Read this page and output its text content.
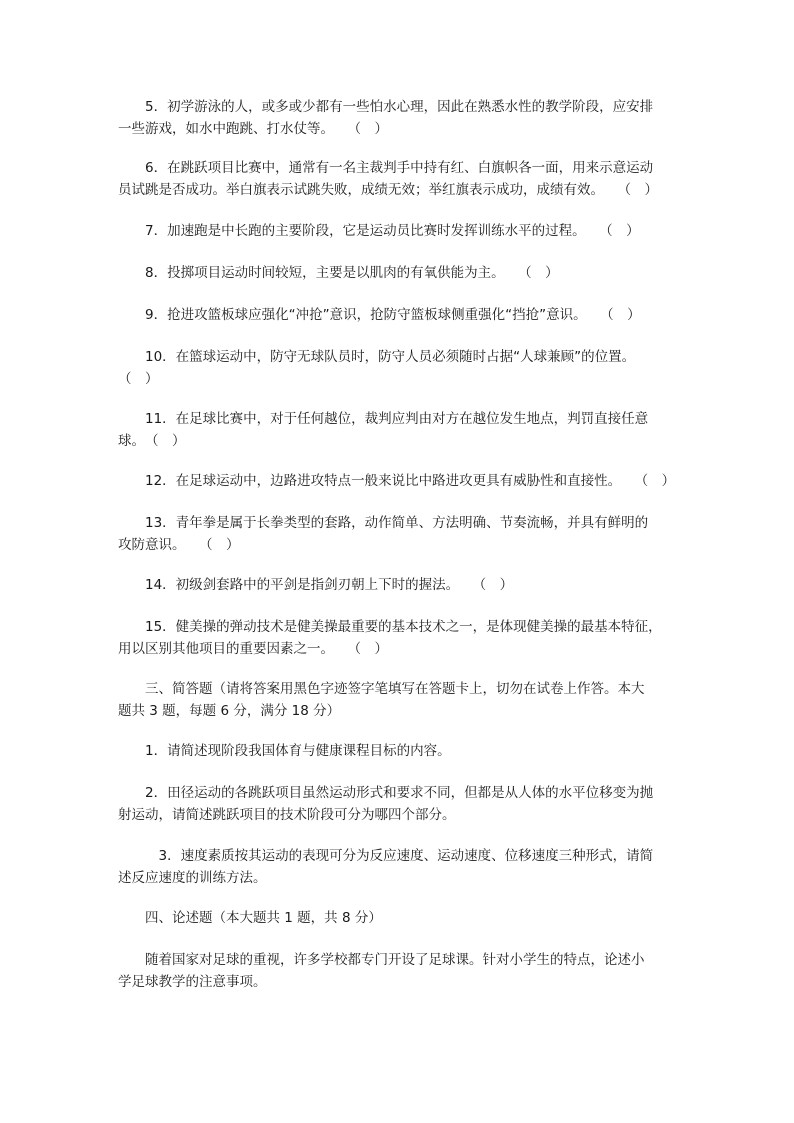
　　5．初学游泳的人，或多或少都有一些怕水心理，因此在熟悉水性的教学阶段，应安排
一些游戏，如水中跑跳、打水仗等。　　（　）

　　6．在跳跃项目比赛中，通常有一名主裁判手中持有红、白旗帜各一面，用来示意运动
员试跳是否成功。举白旗表示试跳失败，成绩无效；举红旗表示成功，成绩有效。　　（　）

　　7．加速跑是中长跑的主要阶段，它是运动员比赛时发挥训练水平的过程。　　（　）

　　8．投掷项目运动时间较短，主要是以肌肉的有氧供能为主。　　（　）

　　9．抢进攻篮板球应强化“冲抢”意识，抢防守篮板球侧重强化“挡抢”意识。　　（　）

　　10．在篮球运动中，防守无球队员时，防守人员必须随时占据“人球兼顾”的位置。
（　）

　　11．在足球比赛中，对于任何越位，裁判应判由对方在越位发生地点，判罚直接任意
球。　（　）

　　12．在足球运动中，边路进攻特点一般来说比中路进攻更具有威胁性和直接性。　　（　）

　　13．青年拳是属于长拳类型的套路，动作简单、方法明确、节奏流畅，并具有鲜明的
攻防意识。　　（　）

　　14．初级剑套路中的平剑是指剑刃朝上下时的握法。　　（　）

　　15．健美操的弹动技术是健美操最重要的基本技术之一，是体现健美操的最基本特征，
用以区别其他项目的重要因素之一。　　（　）

　　三、简答题（请将答案用黑色字迹签字笔填写在答题卡上，切勿在试卷上作答。本大
题共 3 题，每题 6 分，满分 18 分）

　　1．请简述现阶段我国体育与健康课程目标的内容。

　　2．田径运动的各跳跃项目虽然运动形式和要求不同，但都是从人体的水平位移变为抛
射运动，请简述跳跃项目的技术阶段可分为哪四个部分。

　　　3．速度素质按其运动的表现可分为反应速度、运动速度、位移速度三种形式，请简
述反应速度的训练方法。

　　四、论述题（本大题共 1 题，共 8 分）

　　随着国家对足球的重视，许多学校都专门开设了足球课。针对小学生的特点，论述小
学足球教学的注意事项。
